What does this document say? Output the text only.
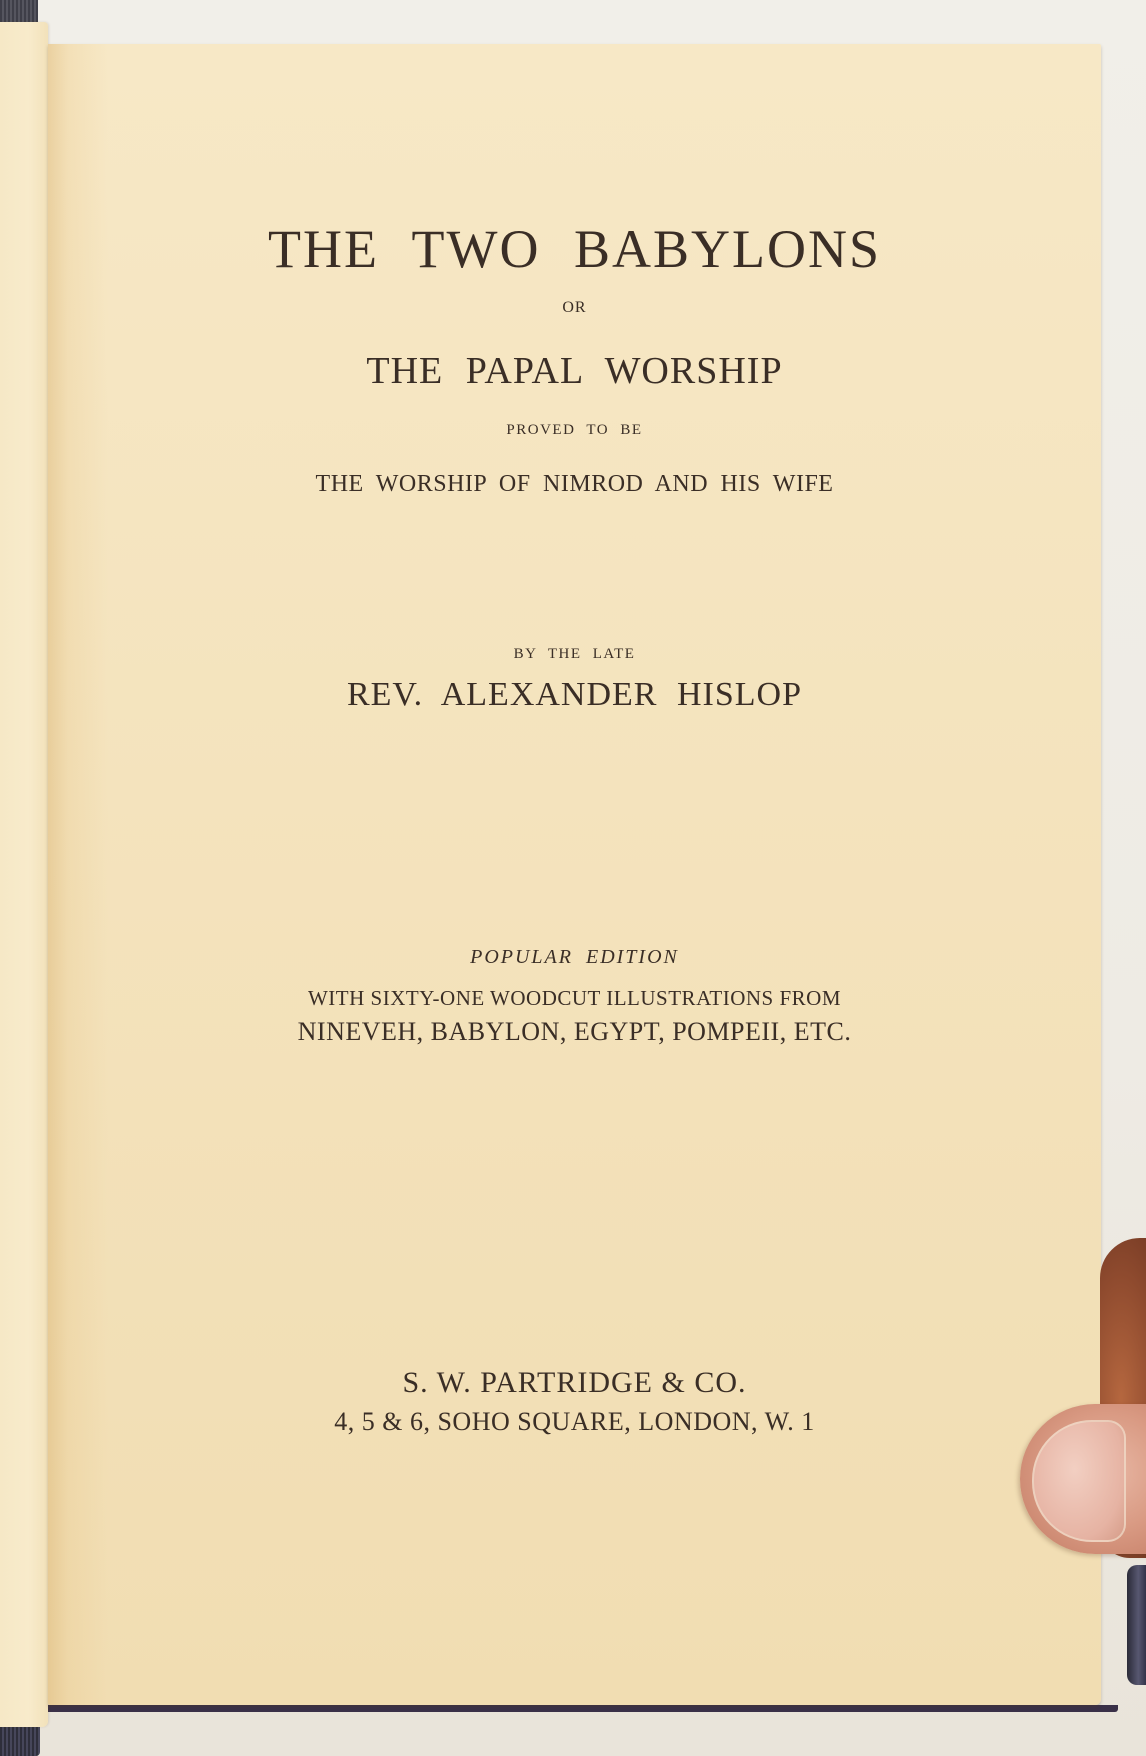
THE TWO BABYLONS
OR
THE PAPAL WORSHIP
PROVED TO BE
THE WORSHIP OF NIMROD AND HIS WIFE
BY THE LATE
REV. ALEXANDER HISLOP
POPULAR EDITION
WITH SIXTY-ONE WOODCUT ILLUSTRATIONS FROM
NINEVEH, BABYLON, EGYPT, POMPEII, ETC.
S. W. PARTRIDGE & CO.
4, 5 & 6, SOHO SQUARE, LONDON, W. 1
